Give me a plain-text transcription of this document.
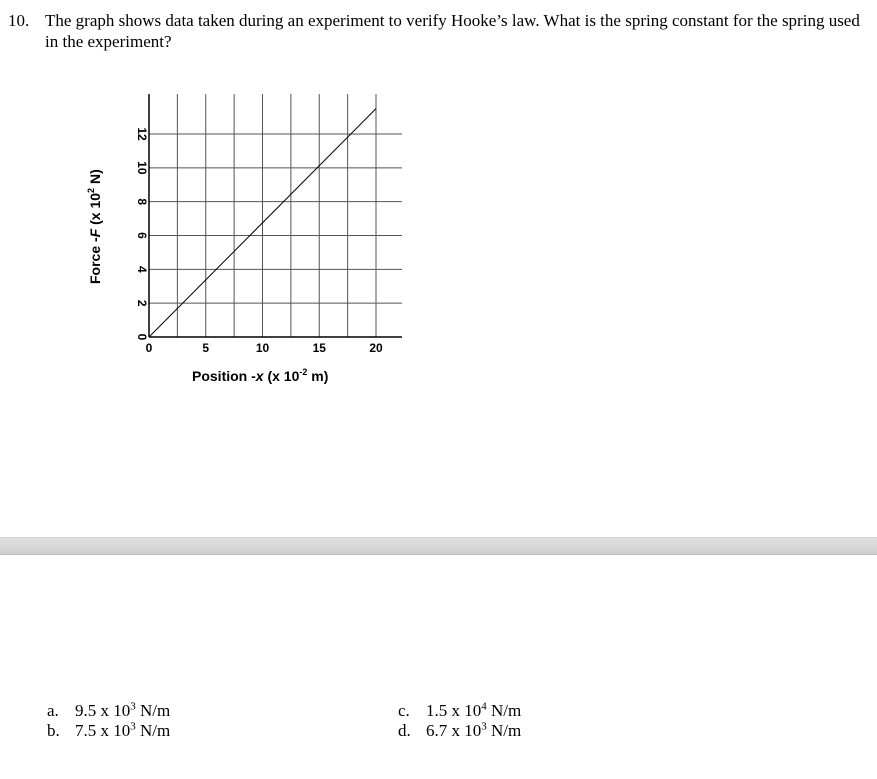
10. The graph shows data taken during an experiment to verify Hooke’s law. What is the spring constant for the spring used in the experiment?
0	5	10	15	20
0
2
4
6
8
10
12
Position -x (x $10^{-2}$ m)
Force -F (x $10^2$ N)
a. 9.5 x $10^3$ N/m
b. 7.5 x $10^3$ N/m
c. 1.5 x $10^4$ N/m
d. 6.7 x $10^3$ N/m
